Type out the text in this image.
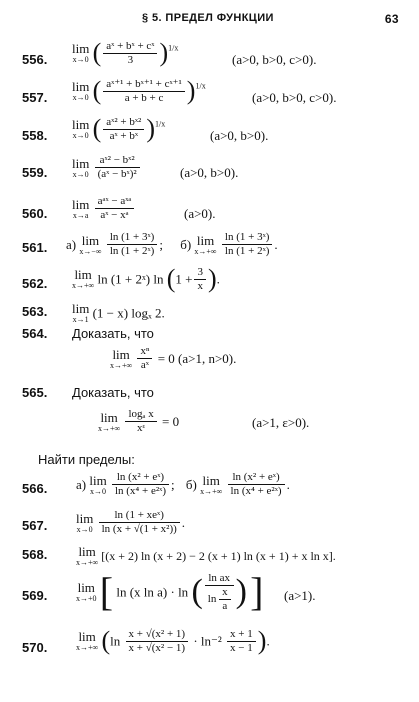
§ 5. ПРЕДЕЛ ФУНКЦИИ	63
556.
lim
x→0 ( $\frac{\text{aˣ + bˣ + cˣ}}{3} )^{1/x}$
(a>0, b>0, c>0).
557.
lim
x→0 ( $\frac{\text{aˣ⁺¹ + bˣ⁺¹ + cˣ⁺¹}}{a + b + c} )^{1/x}$
(a>0, b>0, c>0).
558.
lim
x→0 ( $\frac{\text{aˣ² + bˣ²}}{\text{aˣ + bˣ}} )^{1/x}$
(a>0, b>0).
559.
lim
x→0
$\frac{\text{aˣ² − bˣ²}}{\text{(aˣ − bˣ)²}}$	(a>0, b>0).
560.
lim
x→a
$\frac{\text{aᵃˣ − aˣᵃ}}{\text{aˣ − xᵃ}}$	(a>0).
561. а) lim
x→−∞
$\frac{\text{ln (1 + 3ˣ)}}{\text{ln (1 + 2ˣ)}}$ ; б) lim
x→+∞
$\frac{\text{ln (1 + 3ˣ)}}{\text{ln (1 + 2ˣ)}}$ .
562.
lim
x→+∞ ln (1 + 2ˣ) $\ln (1 + \frac{3}{x}$ ).
563. lim
x→1 (1 − x) logₓ 2.
564. Доказать, что
lim
x→+∞
$\frac{\text{xⁿ}}{\text{aˣ}} = 0$ (a>1, n>0).
565. Доказать, что
lim
x→+∞
$\frac{\text{logₐ x}}{\text{xᵋ}} = 0$	(a>1, ε>0).
Найти пределы:
566. а) lim
x→0
$\frac{\text{ln (x² + eˣ)}}{\text{ln (x⁴ + e²ˣ)}}$ ; б) lim
x→+∞
$\frac{\text{ln (x² + eˣ)}}{\text{ln (x⁴ + e²ˣ)}}$ .
567. lim
x→0
$\frac{\text{ln (1 + xeˣ)}}{\text{ln (x + √(1 + x²))}}$ .
568. lim
x→+∞ [(x + 2) ln (x + 2) − 2 (x + 1) ln (x + 1) + x ln x].
569.
lim
x→+0 [ ln (x ln a) · ln ( $\frac{\text{ln ax}}{\ln \frac{x}{a}}$ ) ] (a>1).
570.
lim
x→+∞ ($\ln \frac{\text{x + √(x² + 1)}}{\text{x + √(x² − 1)}} \cdot \ln^{-2} \frac{x + 1}{x - 1}$ ).
